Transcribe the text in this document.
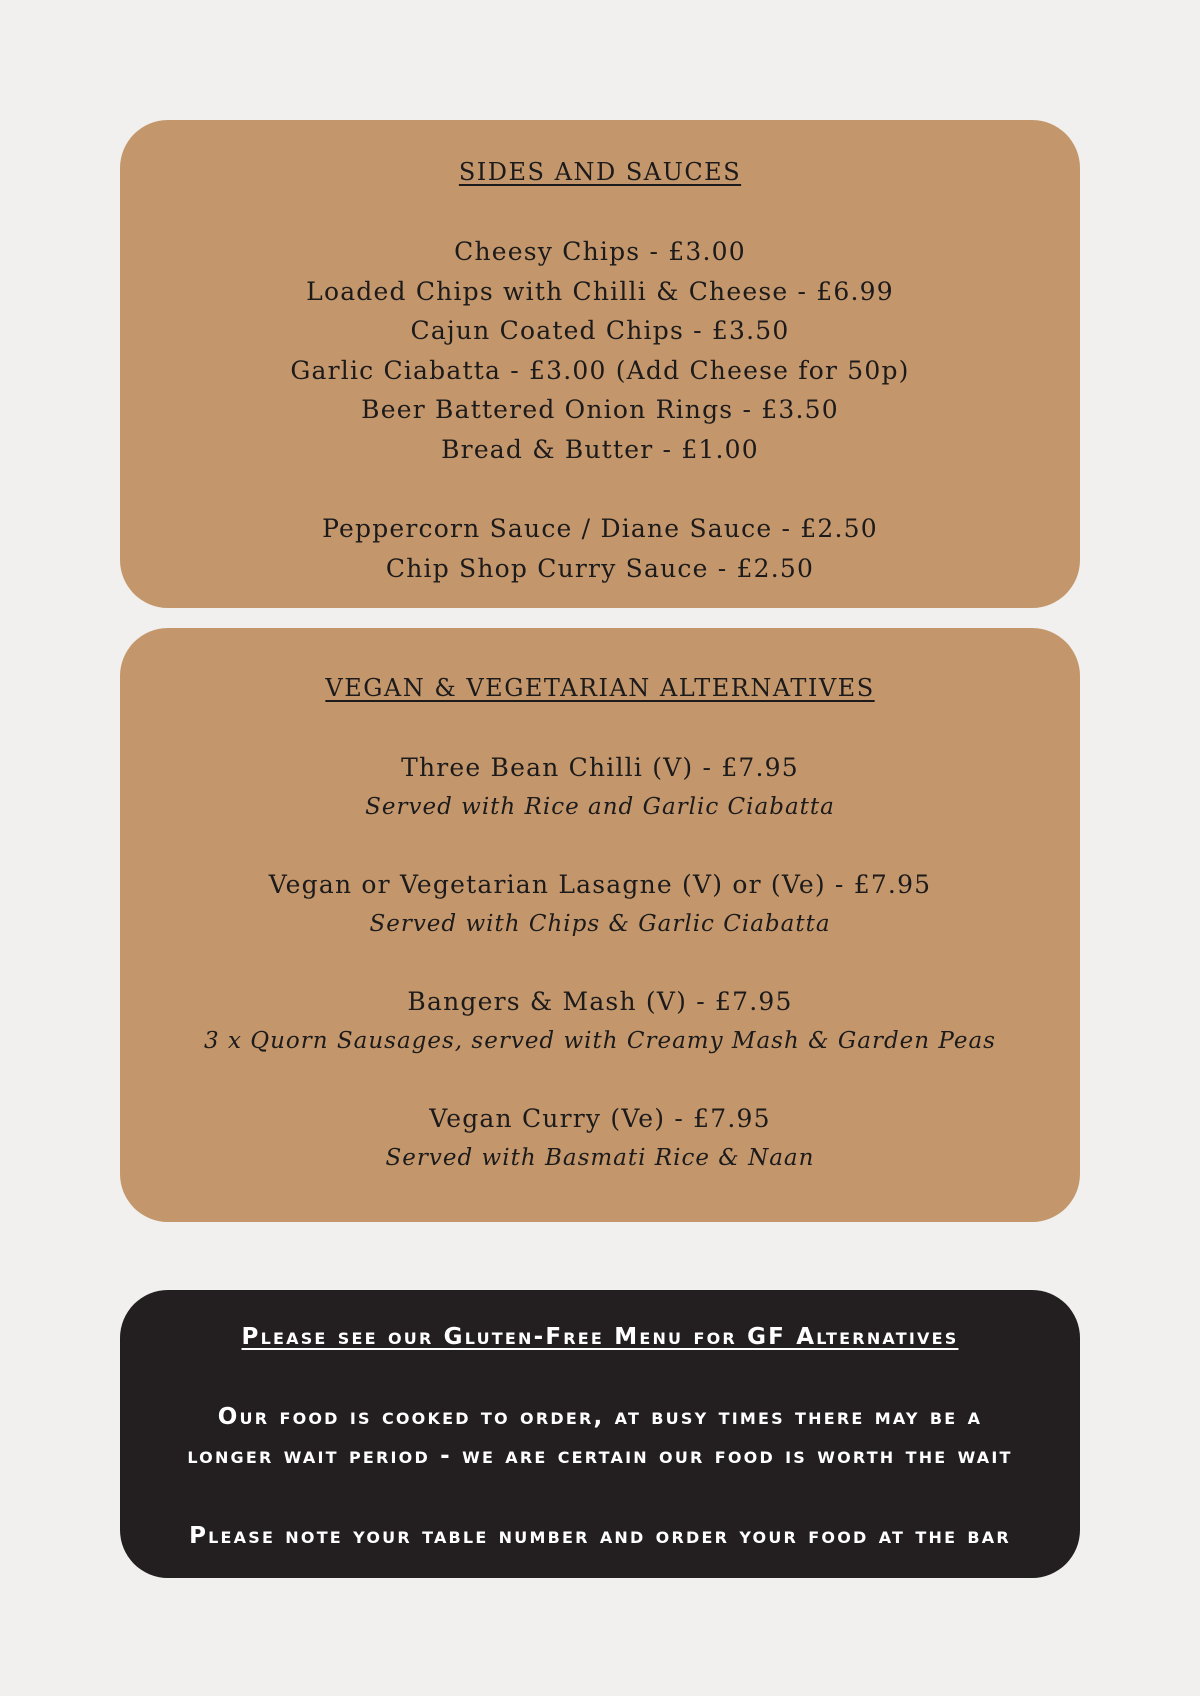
SIDES AND SAUCES
Cheesy Chips - £3.00
Loaded Chips with Chilli & Cheese - £6.99
Cajun Coated Chips - £3.50
Garlic Ciabatta - £3.00 (Add Cheese for 50p)
Beer Battered Onion Rings - £3.50
Bread & Butter - £1.00
Peppercorn Sauce / Diane Sauce - £2.50
Chip Shop Curry Sauce - £2.50
VEGAN & VEGETARIAN ALTERNATIVES
Three Bean Chilli (V) - £7.95
Served with Rice and Garlic Ciabatta
Vegan or Vegetarian Lasagne (V) or (Ve) - £7.95
Served with Chips & Garlic Ciabatta
Bangers & Mash (V) - £7.95
3 x Quorn Sausages, served with Creamy Mash & Garden Peas
Vegan Curry (Ve) - £7.95
Served with Basmati Rice & Naan
Please see our Gluten-Free Menu for GF Alternatives
Our food is cooked to order, at busy times there may be a
longer wait period - we are certain our food is worth the wait
Please note your table number and order your food at the bar
